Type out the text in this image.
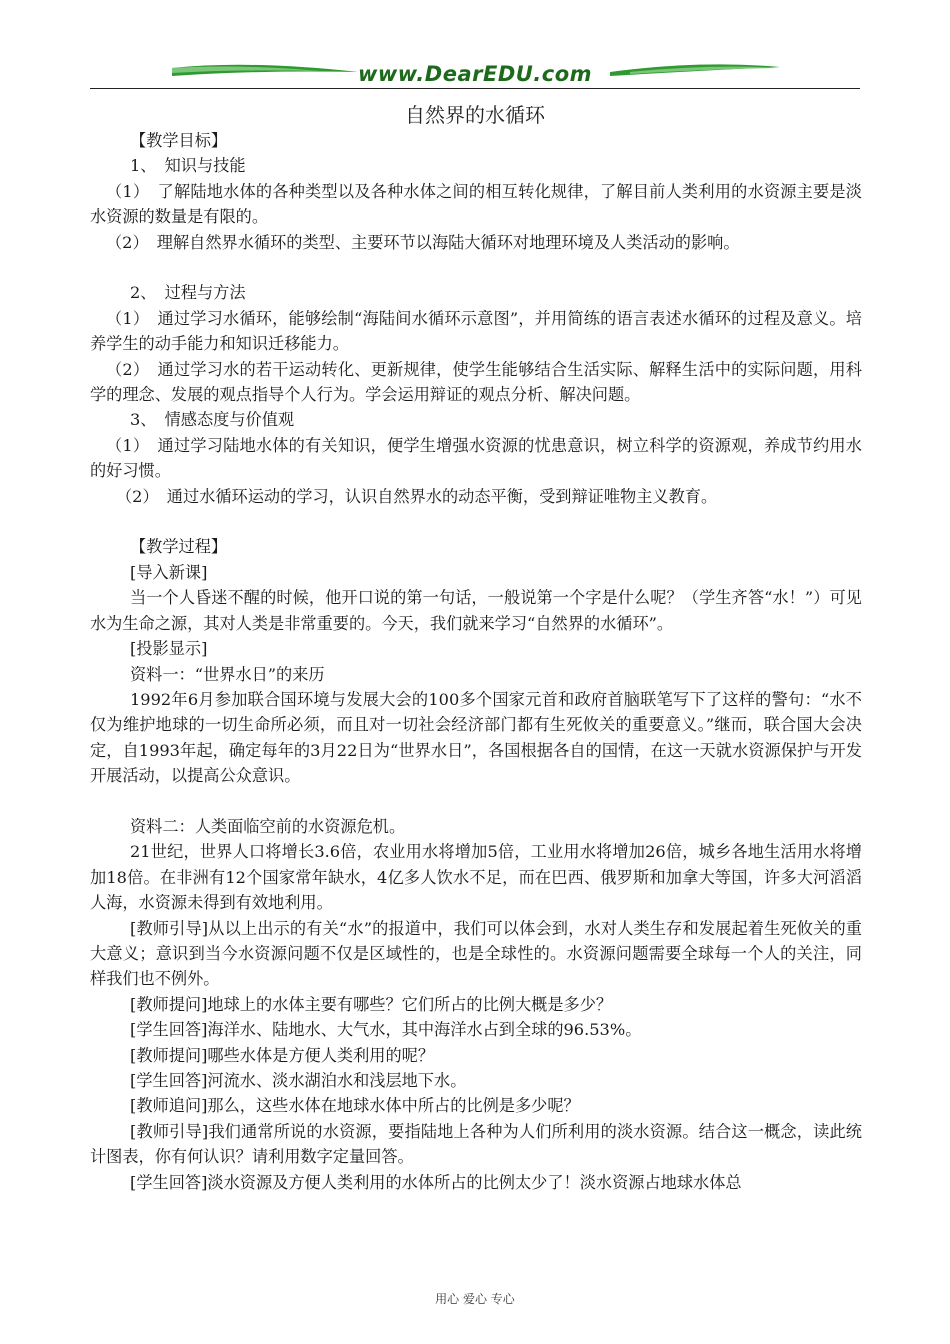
www.DearEDU.com
自然界的水循环

【教学目标】

1、　知识与技能

（1）　了解陆地水体的各种类型以及各种水体之间的相互转化规律，了解目前人类利用的水资源主要是淡水资源的数量是有限的。

（2）　理解自然界水循环的类型、主要环节以海陆大循环对地理环境及人类活动的影响。

2、　过程与方法

（1）　通过学习水循环，能够绘制“海陆间水循环示意图”，并用简练的语言表述水循环的过程及意义。培养学生的动手能力和知识迁移能力。

（2）　通过学习水的若干运动转化、更新规律，使学生能够结合生活实际、解释生活中的实际问题，用科学的理念、发展的观点指导个人行为。学会运用辩证的观点分析、解决问题。

3、　情感态度与价值观

（1）　通过学习陆地水体的有关知识，便学生增强水资源的忧患意识，树立科学的资源观，养成节约用水的好习惯。

（2）　通过水循环运动的学习，认识自然界水的动态平衡，受到辩证唯物主义教育。

【教学过程】

[导入新课]

当一个人昏迷不醒的时候，他开口说的第一句话，一般说第一个字是什么呢？（学生齐答“水！”）可见水为生命之源，其对人类是非常重要的。今天，我们就来学习“自然界的水循环”。

[投影显示]

资料一：“世界水日”的来历

1992年6月参加联合国环境与发展大会的100多个国家元首和政府首脑联笔写下了这样的警句：“水不仅为维护地球的一切生命所必须，而且对一切社会经济部门都有生死攸关的重要意义。”继而，联合国大会决定，自1993年起，确定每年的3月22日为“世界水日”，各国根据各自的国情，在这一天就水资源保护与开发开展活动，以提高公众意识。

资料二：人类面临空前的水资源危机。

21世纪，世界人口将增长3.6倍，农业用水将增加5倍，工业用水将增加26倍，城乡各地生活用水将增加18倍。在非洲有12个国家常年缺水，4亿多人饮水不足，而在巴西、俄罗斯和加拿大等国，许多大河滔滔人海，水资源未得到有效地利用。

[教师引导]从以上出示的有关“水”的报道中，我们可以体会到，水对人类生存和发展起着生死攸关的重大意义；意识到当今水资源问题不仅是区域性的，也是全球性的。水资源问题需要全球每一个人的关注，同样我们也不例外。

[教师提问]地球上的水体主要有哪些？它们所占的比例大概是多少？

[学生回答]海洋水、陆地水、大气水，其中海洋水占到全球的96.53%。

[教师提问]哪些水体是方便人类利用的呢？

[学生回答]河流水、淡水湖泊水和浅层地下水。

[教师追问]那么，这些水体在地球水体中所占的比例是多少呢？

[教师引导]我们通常所说的水资源，要指陆地上各种为人们所利用的淡水资源。结合这一概念，读此统计图表，你有何认识？请利用数字定量回答。

[学生回答]淡水资源及方便人类利用的水体所占的比例太少了！淡水资源占地球水体总

用心 爱心 专心
